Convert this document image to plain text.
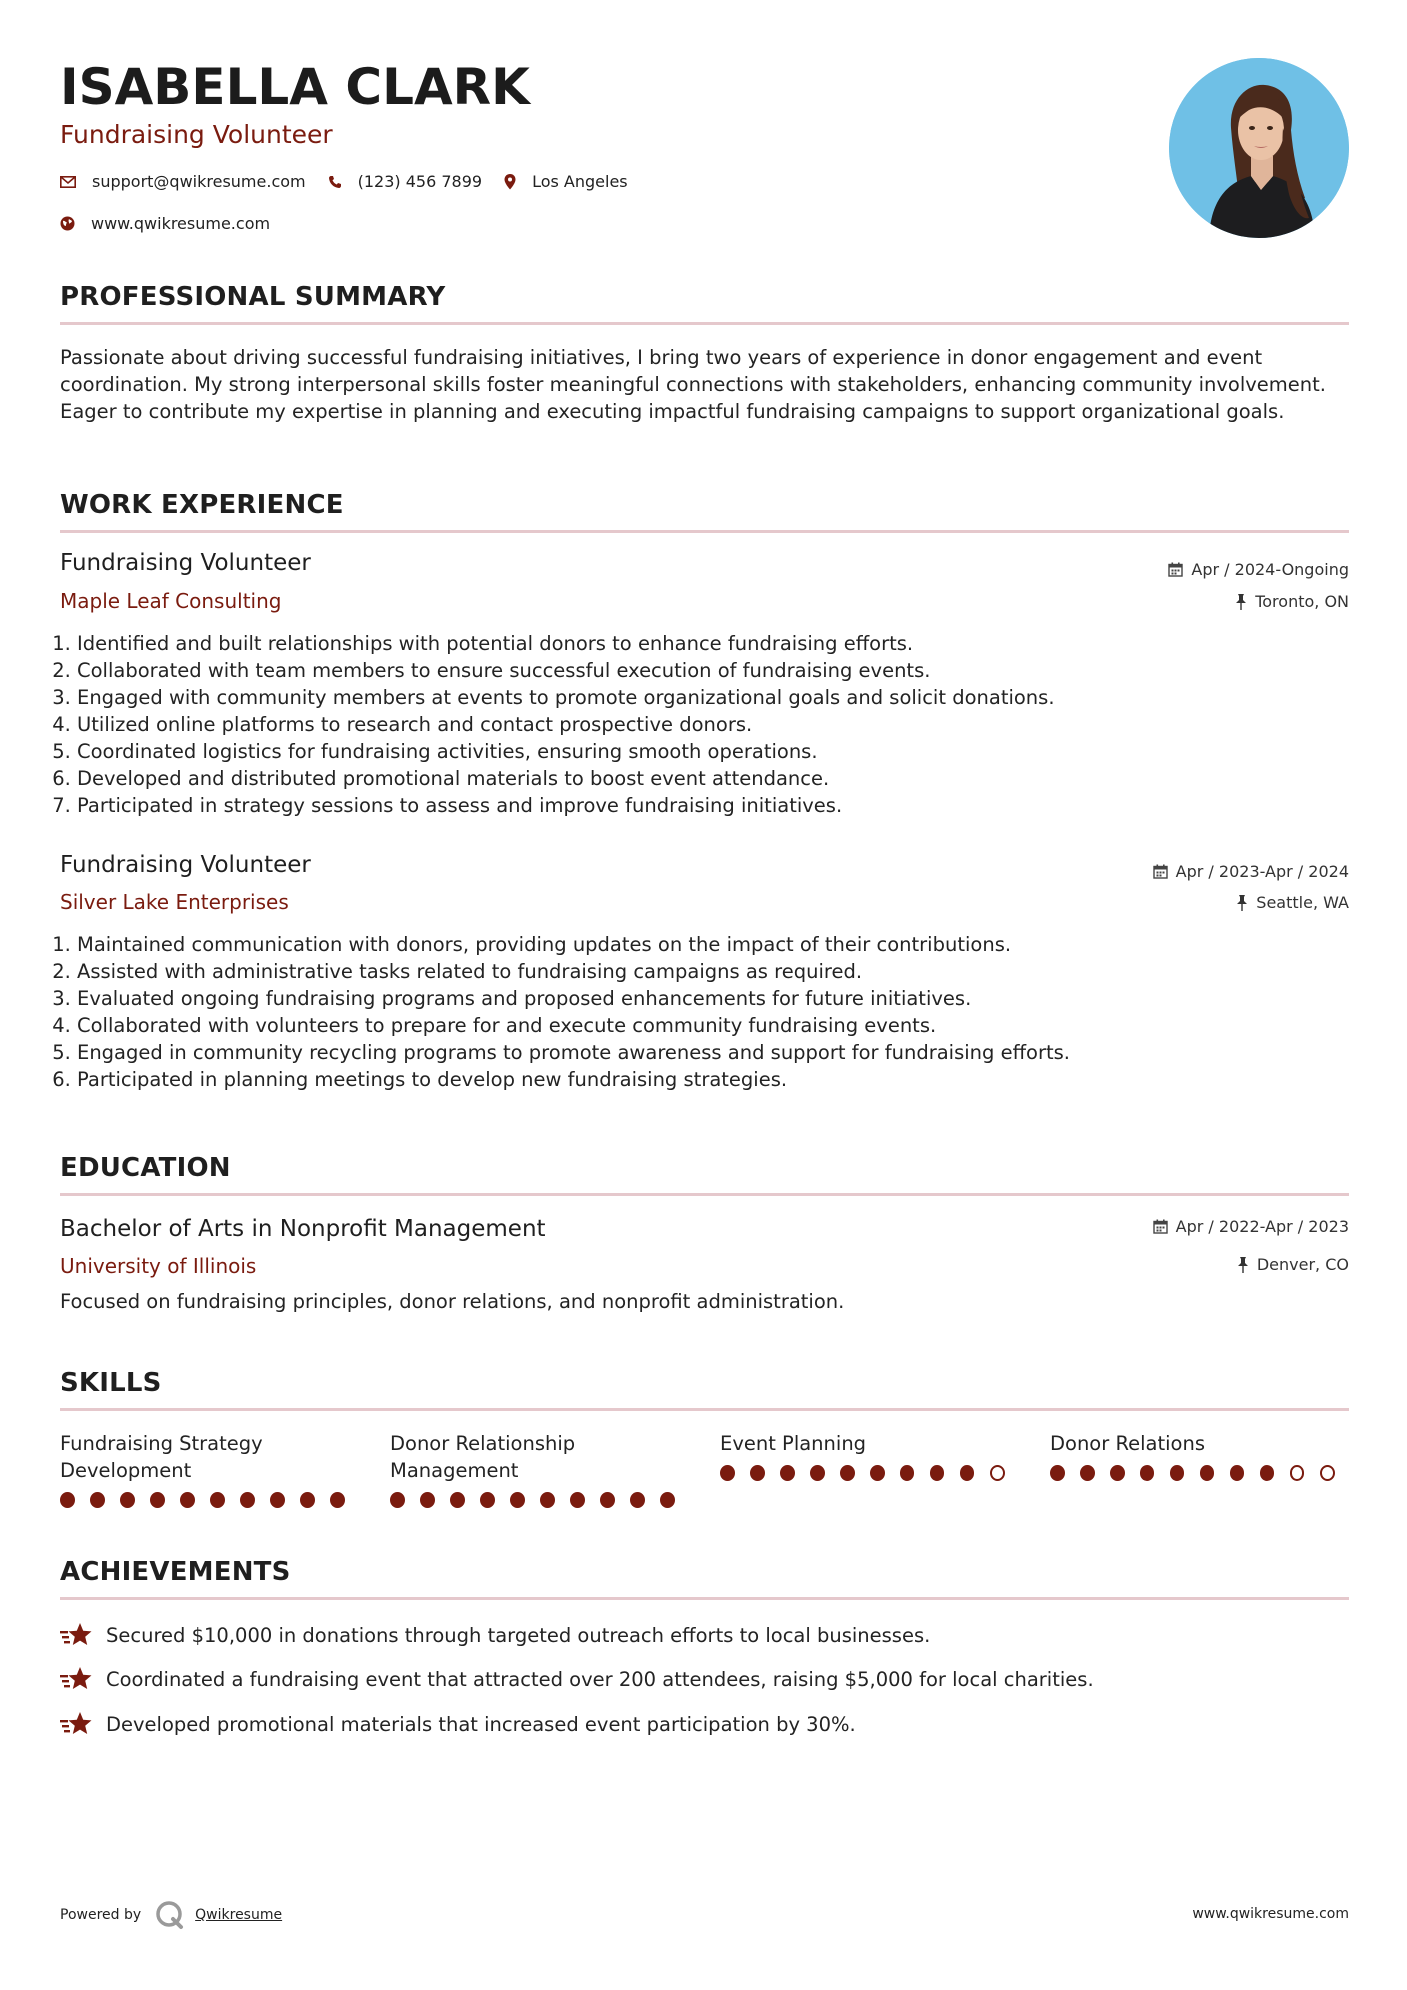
ISABELLA CLARK
Fundraising Volunteer
support@qwikresume.com	(123) 456 7899	Los Angeles
www.qwikresume.com
PROFESSIONAL SUMMARY

Passionate about driving successful fundraising initiatives, I bring two years of experience in donor engagement and event coordination. My strong interpersonal skills foster meaningful connections with stakeholders, enhancing community involvement. Eager to contribute my expertise in planning and executing impactful fundraising campaigns to support organizational goals.

WORK EXPERIENCE
Fundraising Volunteer
Maple Leaf Consulting
Apr / 2024-Ongoing
Toronto, ON
1. Identified and built relationships with potential donors to enhance fundraising efforts.
2. Collaborated with team members to ensure successful execution of fundraising events.
3. Engaged with community members at events to promote organizational goals and solicit donations.
4. Utilized online platforms to research and contact prospective donors.
5. Coordinated logistics for fundraising activities, ensuring smooth operations.
6. Developed and distributed promotional materials to boost event attendance.
7. Participated in strategy sessions to assess and improve fundraising initiatives.
Fundraising Volunteer
Silver Lake Enterprises
Apr / 2023-Apr / 2024
Seattle, WA
1. Maintained communication with donors, providing updates on the impact of their contributions.
2. Assisted with administrative tasks related to fundraising campaigns as required.
3. Evaluated ongoing fundraising programs and proposed enhancements for future initiatives.
4. Collaborated with volunteers to prepare for and execute community fundraising events.
5. Engaged in community recycling programs to promote awareness and support for fundraising efforts.
6. Participated in planning meetings to develop new fundraising strategies.
EDUCATION
Bachelor of Arts in Nonprofit Management
University of Illinois
Apr / 2022-Apr / 2023
Denver, CO

Focused on fundraising principles, donor relations, and nonprofit administration.

SKILLS
Fundraising Strategy Development
Donor Relationship Management
Event Planning	Donor Relations
ACHIEVEMENTS
Secured $10,000 in donations through targeted outreach efforts to local businesses.
Coordinated a fundraising event that attracted over 200 attendees, raising $5,000 for local charities.
Developed promotional materials that increased event participation by 30%.
Powered by	Qwikresume	www.qwikresume.com
